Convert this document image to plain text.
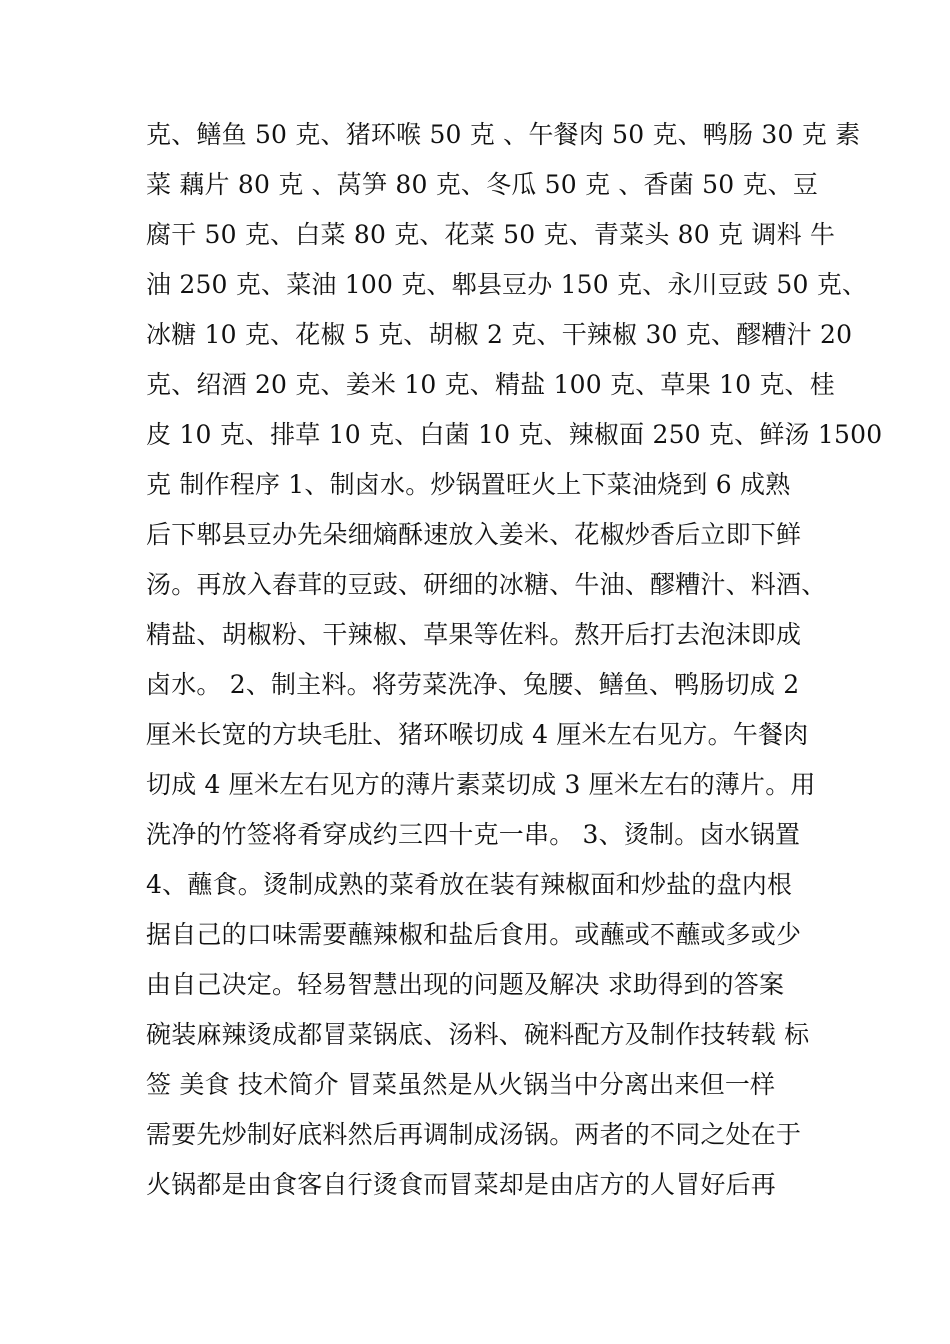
克、鳝鱼 50 克、猪环喉 50 克 、午餐肉 50 克、鸭肠 30 克 素
菜 藕片 80 克 、莴笋 80 克、冬瓜 50 克 、香菌 50 克、豆
腐干 50 克、白菜 80 克、花菜 50 克、青菜头 80 克 调料 牛
油 250 克、菜油 100 克、郫县豆办 150 克、永川豆豉 50 克、
冰糖 10 克、花椒 5 克、胡椒 2 克、干辣椒 30 克、醪糟汁 20
克、绍酒 20 克、姜米 10 克、精盐 100 克、草果 10 克、桂
皮 10 克、排草 10 克、白菌 10 克、辣椒面 250 克、鲜汤 1500
克 制作程序 1、制卤水。炒锅置旺火上下菜油烧到 6 成熟
后下郫县豆办先朵细熵酥速放入姜米、花椒炒香后立即下鲜
汤。再放入舂茸的豆豉、研细的冰糖、牛油、醪糟汁、料酒、
精盐、胡椒粉、干辣椒、草果等佐料。熬开后打去泡沫即成
卤水。 2、制主料。将劳菜洗净、兔腰、鳝鱼、鸭肠切成 2
厘米长宽的方块毛肚、猪环喉切成 4 厘米左右见方。午餐肉
切成 4 厘米左右见方的薄片素菜切成 3 厘米左右的薄片。用
洗净的竹签将肴穿成约三四十克一串。 3、烫制。卤水锅置
4、蘸食。烫制成熟的菜肴放在装有辣椒面和炒盐的盘内根
据自己的口味需要蘸辣椒和盐后食用。或蘸或不蘸或多或少
由自己决定。轻易智慧出现的问题及解决 求助得到的答案
碗装麻辣烫成都冒菜锅底、汤料、碗料配方及制作技转载 标
签 美食 技术简介 冒菜虽然是从火锅当中分离出来但一样
需要先炒制好底料然后再调制成汤锅。两者的不同之处在于
火锅都是由食客自行烫食而冒菜却是由店方的人冒好后再
